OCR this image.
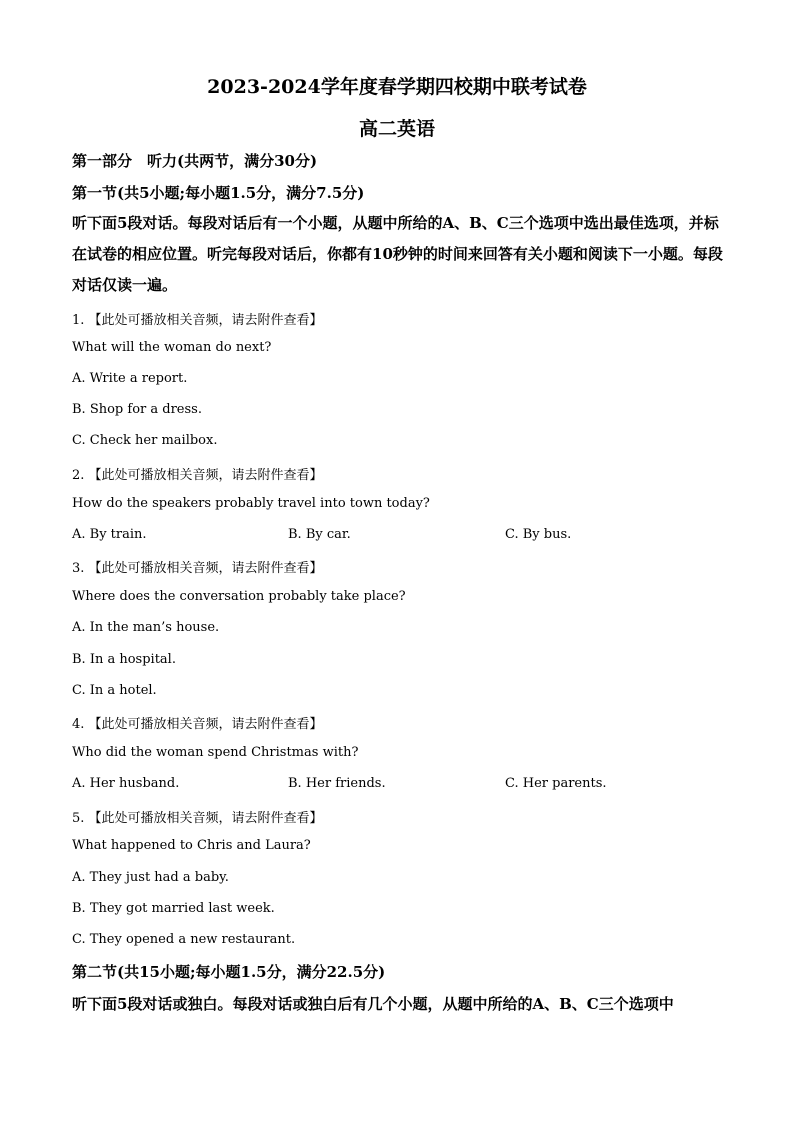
2023-2024学年度春学期四校期中联考试卷
高二英语
第一部分　听力(共两节，满分30分)
第一节(共5小题;每小题1.5分，满分7.5分)
听下面5段对话。每段对话后有一个小题，从题中所给的A、B、C三个选项中选出最佳选项，并标在试卷的相应位置。听完每段对话后，你都有10秒钟的时间来回答有关小题和阅读下一小题。每段对话仅读一遍。
1. 【此处可播放相关音频，请去附件查看】
What will the woman do next?
A. Write a report.
B. Shop for a dress.
C. Check her mailbox.
2. 【此处可播放相关音频，请去附件查看】
How do the speakers probably travel into town today?
A. By train.	B. By car.	C. By bus.
3. 【此处可播放相关音频，请去附件查看】
Where does the conversation probably take place?
A. In the man’s house.
B. In a hospital.
C. In a hotel.
4. 【此处可播放相关音频，请去附件查看】
Who did the woman spend Christmas with?
A. Her husband.	B. Her friends.	C. Her parents.
5. 【此处可播放相关音频，请去附件查看】
What happened to Chris and Laura?
A. They just had a baby.
B. They got married last week.
C. They opened a new restaurant.
第二节(共15小题;每小题1.5分，满分22.5分)
听下面5段对话或独白。每段对话或独白后有几个小题，从题中所给的A、B、C三个选项中
